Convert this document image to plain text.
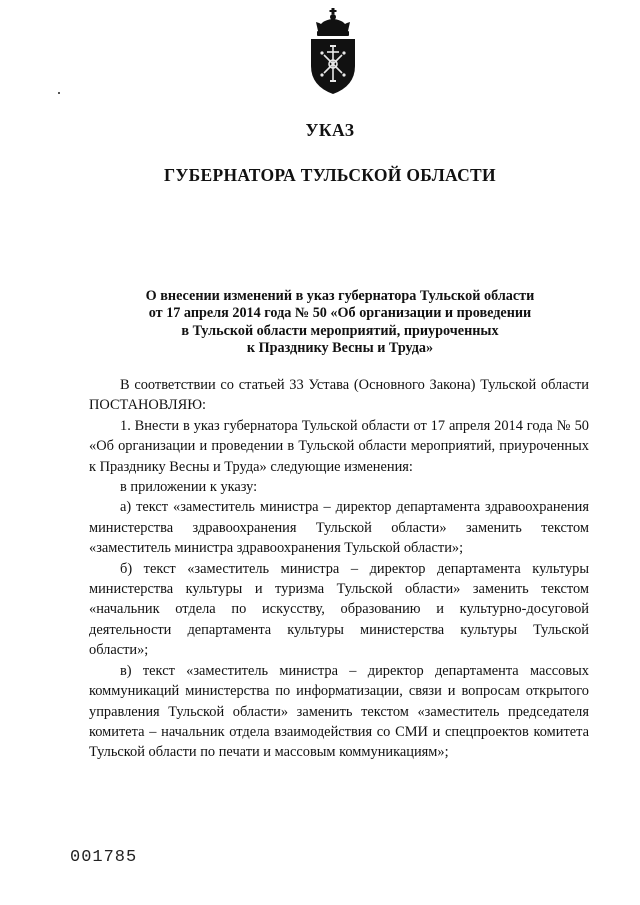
УКАЗ
ГУБЕРНАТОРА ТУЛЬСКОЙ ОБЛАСТИ
О внесении изменений в указ губернатора Тульской области
от 17 апреля 2014 года № 50 «Об организации и проведении
в Тульской области мероприятий, приуроченных
к Празднику Весны и Труда»

В соответствии со статьей 33 Устава (Основного Закона) Тульской области ПОСТАНОВЛЯЮ:

1. Внести в указ губернатора Тульской области от 17 апреля 2014 года № 50 «Об организации и проведении в Тульской области мероприятий, приуроченных к Празднику Весны и Труда» следующие изменения:

в приложении к указу:

а) текст «заместитель министра – директор департамента здравоохранения министерства здравоохранения Тульской области» заменить текстом «заместитель министра здравоохранения Тульской области»;

б) текст «заместитель министра – директор департамента культуры министерства культуры и туризма Тульской области» заменить текстом «начальник отдела по искусству, образованию и культурно-досуговой деятельности департамента культуры министерства культуры Тульской области»;

в) текст «заместитель министра – директор департамента массовых коммуникаций министерства по информатизации, связи и вопросам открытого управления Тульской области» заменить текстом «заместитель председателя комитета – начальник отдела взаимодействия со СМИ и спецпроектов комитета Тульской области по печати и массовым коммуникациям»;

001785
